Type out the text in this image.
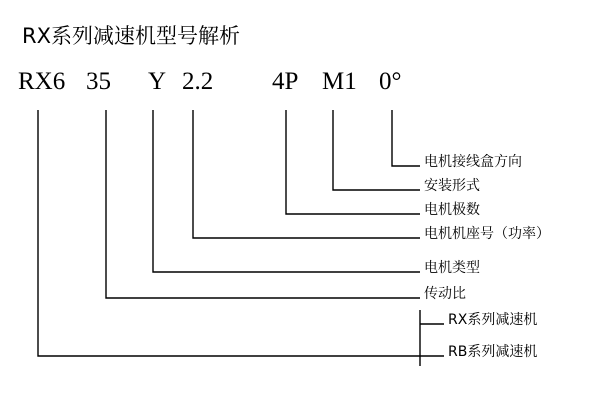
RX系列减速机型号解析
电机接线盒方向
安装形式
电机极数
电机机座号（功率）
电机类型
传动比
RX系列减速机
RB系列减速机
RX6 35 Y 2.2 4P M1 0°
